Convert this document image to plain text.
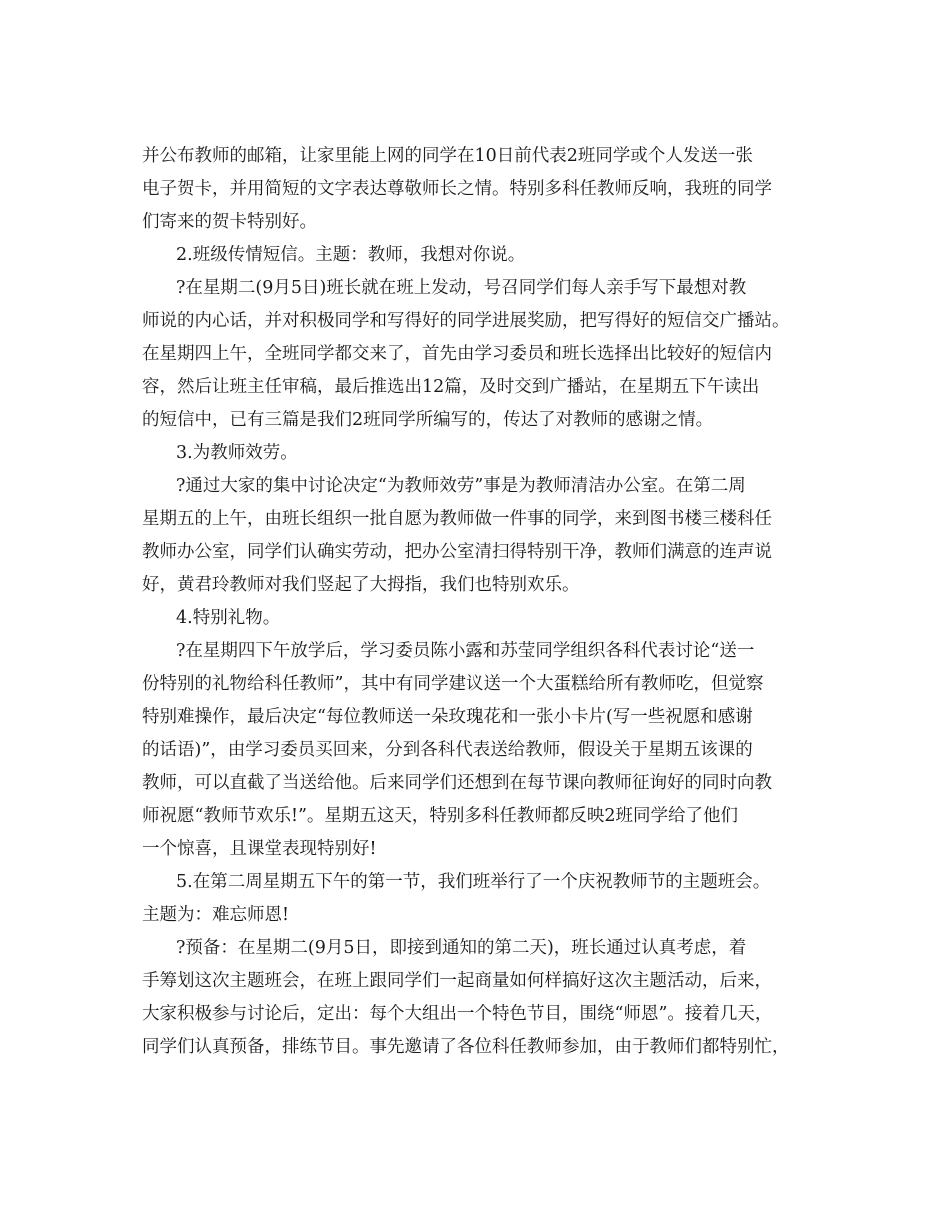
并公布教师的邮箱，让家里能上网的同学在10日前代表2班同学或个人发送一张
电子贺卡，并用简短的文字表达尊敬师长之情。特别多科任教师反响，我班的同学
们寄来的贺卡特别好。
2.班级传情短信。主题：教师，我想对你说。
?在星期二(9月5日)班长就在班上发动，号召同学们每人亲手写下最想对教
师说的内心话，并对积极同学和写得好的同学进展奖励，把写得好的短信交广播站。
在星期四上午，全班同学都交来了，首先由学习委员和班长选择出比较好的短信内
容，然后让班主任审稿，最后推选出12篇，及时交到广播站，在星期五下午读出
的短信中，已有三篇是我们2班同学所编写的，传达了对教师的感谢之情。
3.为教师效劳。
?通过大家的集中讨论决定“为教师效劳”事是为教师清洁办公室。在第二周
星期五的上午，由班长组织一批自愿为教师做一件事的同学，来到图书楼三楼科任
教师办公室，同学们认确实劳动，把办公室清扫得特别干净，教师们满意的连声说
好，黄君玲教师对我们竖起了大拇指，我们也特别欢乐。
4.特别礼物。
?在星期四下午放学后，学习委员陈小露和苏莹同学组织各科代表讨论“送一
份特别的礼物给科任教师”，其中有同学建议送一个大蛋糕给所有教师吃，但觉察
特别难操作，最后决定“每位教师送一朵玫瑰花和一张小卡片(写一些祝愿和感谢
的话语)”，由学习委员买回来，分到各科代表送给教师，假设关于星期五该课的
教师，可以直截了当送给他。后来同学们还想到在每节课向教师征询好的同时向教
师祝愿“教师节欢乐!”。星期五这天，特别多科任教师都反映2班同学给了他们
一个惊喜，且课堂表现特别好!
5.在第二周星期五下午的第一节，我们班举行了一个庆祝教师节的主题班会。
主题为：难忘师恩!
?预备：在星期二(9月5日，即接到通知的第二天)，班长通过认真考虑，着
手筹划这次主题班会，在班上跟同学们一起商量如何样搞好这次主题活动，后来，
大家积极参与讨论后，定出：每个大组出一个特色节目，围绕“师恩”。接着几天，
同学们认真预备，排练节目。事先邀请了各位科任教师参加，由于教师们都特别忙，
